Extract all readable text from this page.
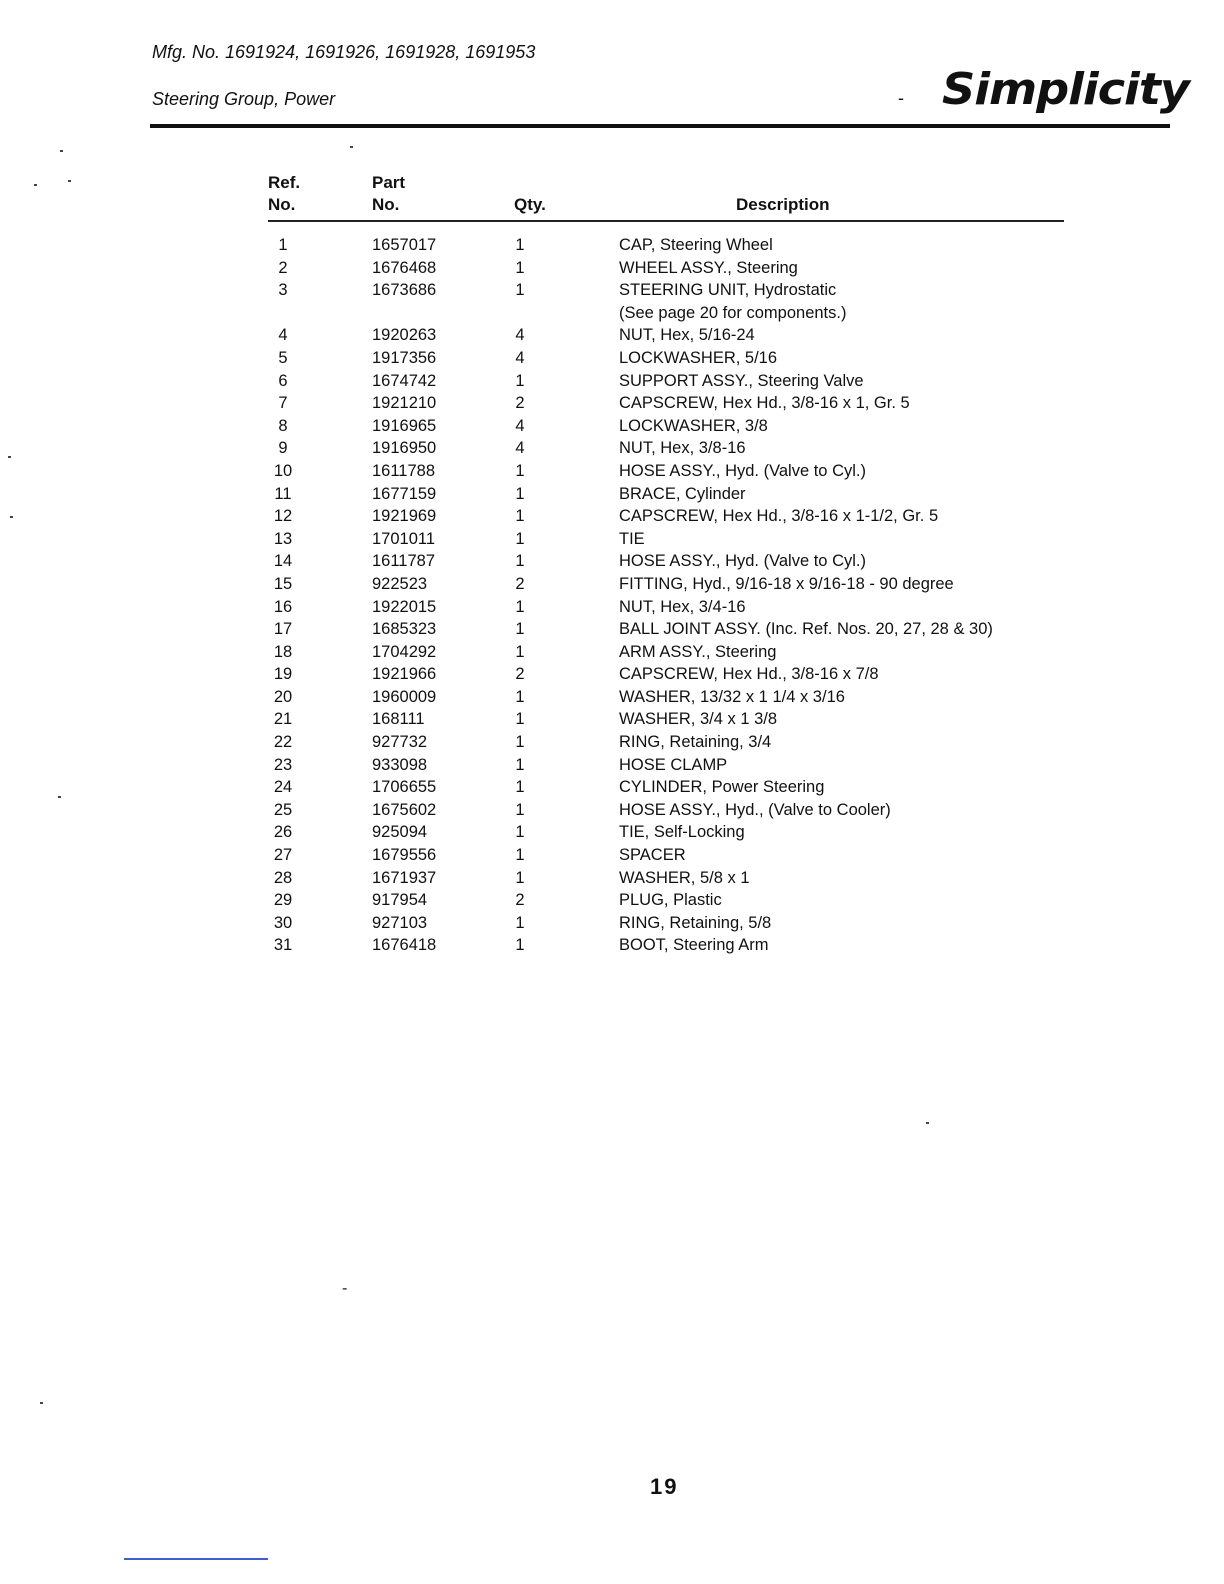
Mfg. No. 1691924, 1691926, 1691928, 1691953
Steering Group, Power	- Simplicity
Ref.
No.
Part
No.	Qty.	Description
1	1657017	1	CAP, Steering Wheel
2	1676468	1	WHEEL ASSY., Steering
3	1673686	1	STEERING UNIT, Hydrostatic
(See page 20 for components.)
4	1920263	4	NUT, Hex, 5/16-24
5	1917356	4	LOCKWASHER, 5/16
6	1674742	1	SUPPORT ASSY., Steering Valve
7	1921210	2	CAPSCREW, Hex Hd., 3/8-16 x 1, Gr. 5
8	1916965	4	LOCKWASHER, 3/8
9	1916950	4	NUT, Hex, 3/8-16
10	1611788	1	HOSE ASSY., Hyd. (Valve to Cyl.)
11	1677159	1	BRACE, Cylinder
12	1921969	1	CAPSCREW, Hex Hd., 3/8-16 x 1-1/2, Gr. 5
13	1701011	1	TIE
14	1611787	1	HOSE ASSY., Hyd. (Valve to Cyl.)
15	922523	2	FITTING, Hyd., 9/16-18 x 9/16-18 - 90 degree
16	1922015	1	NUT, Hex, 3/4-16
17	1685323	1	BALL JOINT ASSY. (Inc. Ref. Nos. 20, 27, 28 & 30)
18	1704292	1	ARM ASSY., Steering
19	1921966	2	CAPSCREW, Hex Hd., 3/8-16 x 7/8
20	1960009	1	WASHER, 13/32 x 1 1/4 x 3/16
21	168111	1	WASHER, 3/4 x 1 3/8
22	927732	1	RING, Retaining, 3/4
23	933098	1	HOSE CLAMP
24	1706655	1	CYLINDER, Power Steering
25	1675602	1	HOSE ASSY., Hyd., (Valve to Cooler)
26	925094	1	TIE, Self-Locking
27	1679556	1	SPACER
28	1671937	1	WASHER, 5/8 x 1
29	917954	2	PLUG, Plastic
30	927103	1	RING, Retaining, 5/8
31	1676418	1	BOOT, Steering Arm
19
-
